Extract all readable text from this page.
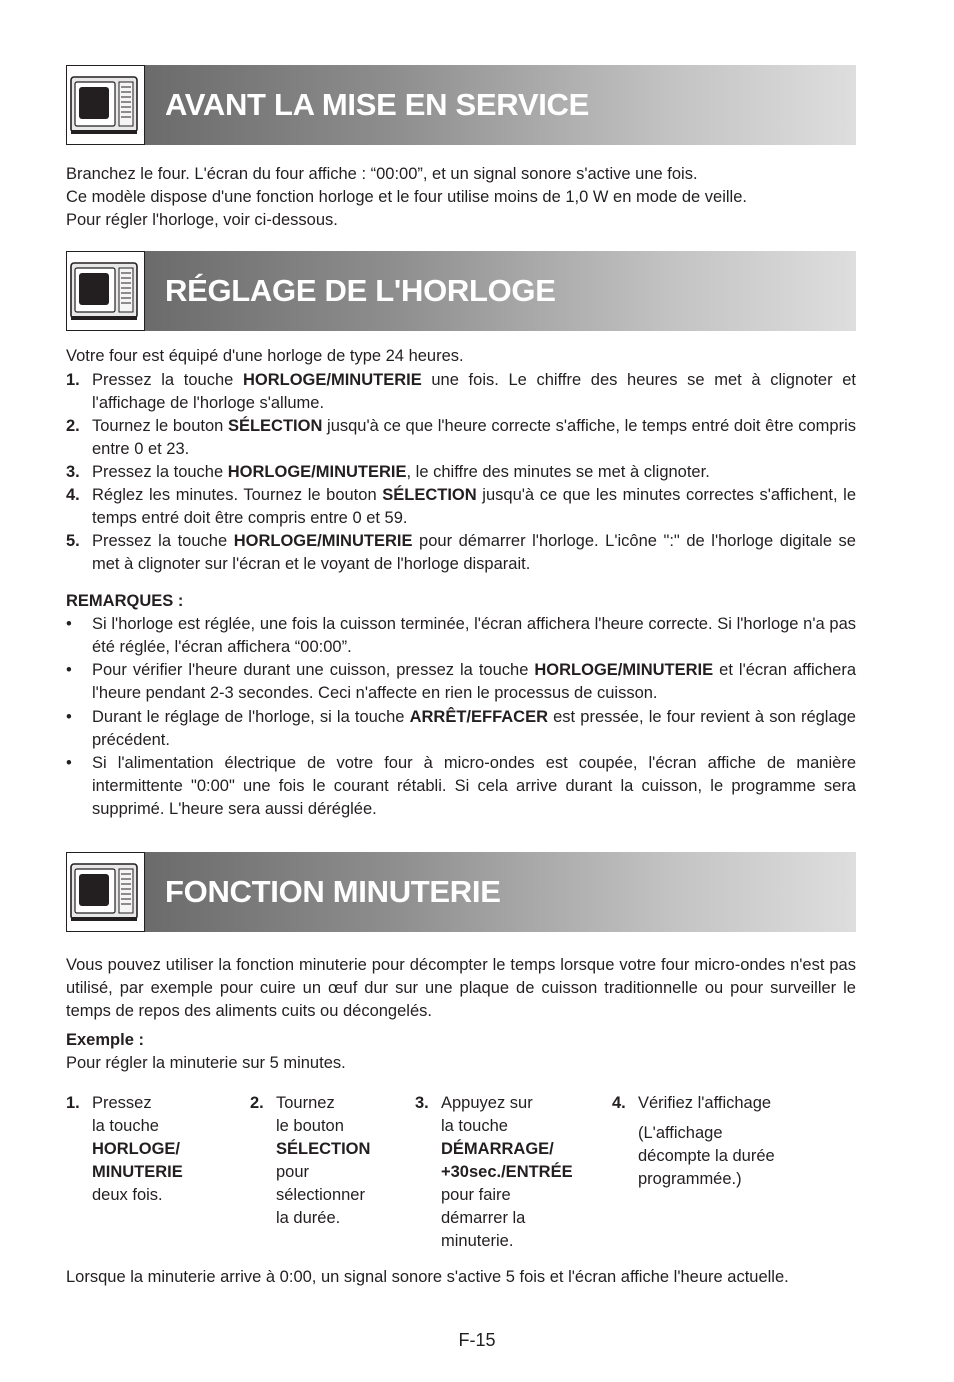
AVANT LA MISE EN SERVICE
Branchez le four. L'écran du four affiche : “00:00”, et un signal sonore s'active une fois.
Ce modèle dispose d'une fonction horloge et le four utilise moins de 1,0 W en mode de veille.
Pour régler l'horloge, voir ci-dessous.
RÉGLAGE DE L'HORLOGE
Votre four est équipé d'une horloge de type 24 heures.
1. Pressez la touche HORLOGE/MINUTERIE une fois. Le chiffre des heures se met à clignoter et l'affichage de l'horloge s'allume.
2. Tournez le bouton SÉLECTION jusqu'à ce que l'heure correcte s'affiche, le temps entré doit être compris entre 0 et 23.
3. Pressez la touche HORLOGE/MINUTERIE, le chiffre des minutes se met à clignoter.
4. Réglez les minutes. Tournez le bouton SÉLECTION jusqu'à ce que les minutes correctes s'affichent, le temps entré doit être compris entre 0 et 59.
5. Pressez la touche HORLOGE/MINUTERIE pour démarrer l'horloge. L'icône ":" de l'horloge digitale se met à clignoter sur l'écran et le voyant de l'horloge disparait.
REMARQUES :
• Si l'horloge est réglée, une fois la cuisson terminée, l'écran affichera l'heure correcte. Si l'horloge n'a pas été réglée, l'écran affichera “00:00”.
• Pour vérifier l'heure durant une cuisson, pressez la touche HORLOGE/MINUTERIE et l'écran affichera l'heure pendant 2-3 secondes. Ceci n'affecte en rien le processus de cuisson.
• Durant le réglage de l'horloge, si la touche ARRÊT/EFFACER est pressée, le four revient à son réglage précédent.
• Si l'alimentation électrique de votre four à micro-ondes est coupée, l'écran affiche de manière intermittente "0:00" une fois le courant rétabli. Si cela arrive durant la cuisson, le programme sera supprimé. L'heure sera aussi déréglée.
FONCTION MINUTERIE
Vous pouvez utiliser la fonction minuterie pour décompter le temps lorsque votre four micro-ondes n'est pas utilisé, par exemple pour cuire un œuf dur sur une plaque de cuisson traditionnelle ou pour surveiller le temps de repos des aliments cuits ou décongelés.
Exemple :
Pour régler la minuterie sur 5 minutes.
1. Pressez
la touche
HORLOGE/
MINUTERIE
deux fois.
2. Tournez
le bouton
SÉLECTION
pour
sélectionner
la durée.
3. Appuyez sur
la touche
DÉMARRAGE/
+30sec./ENTRÉE
pour faire
démarrer la
minuterie.
4. Vérifiez l'affichage
(L'affichage
décompte la durée
programmée.)
Lorsque la minuterie arrive à 0:00, un signal sonore s'active 5 fois et l'écran affiche l'heure actuelle.
F-15
